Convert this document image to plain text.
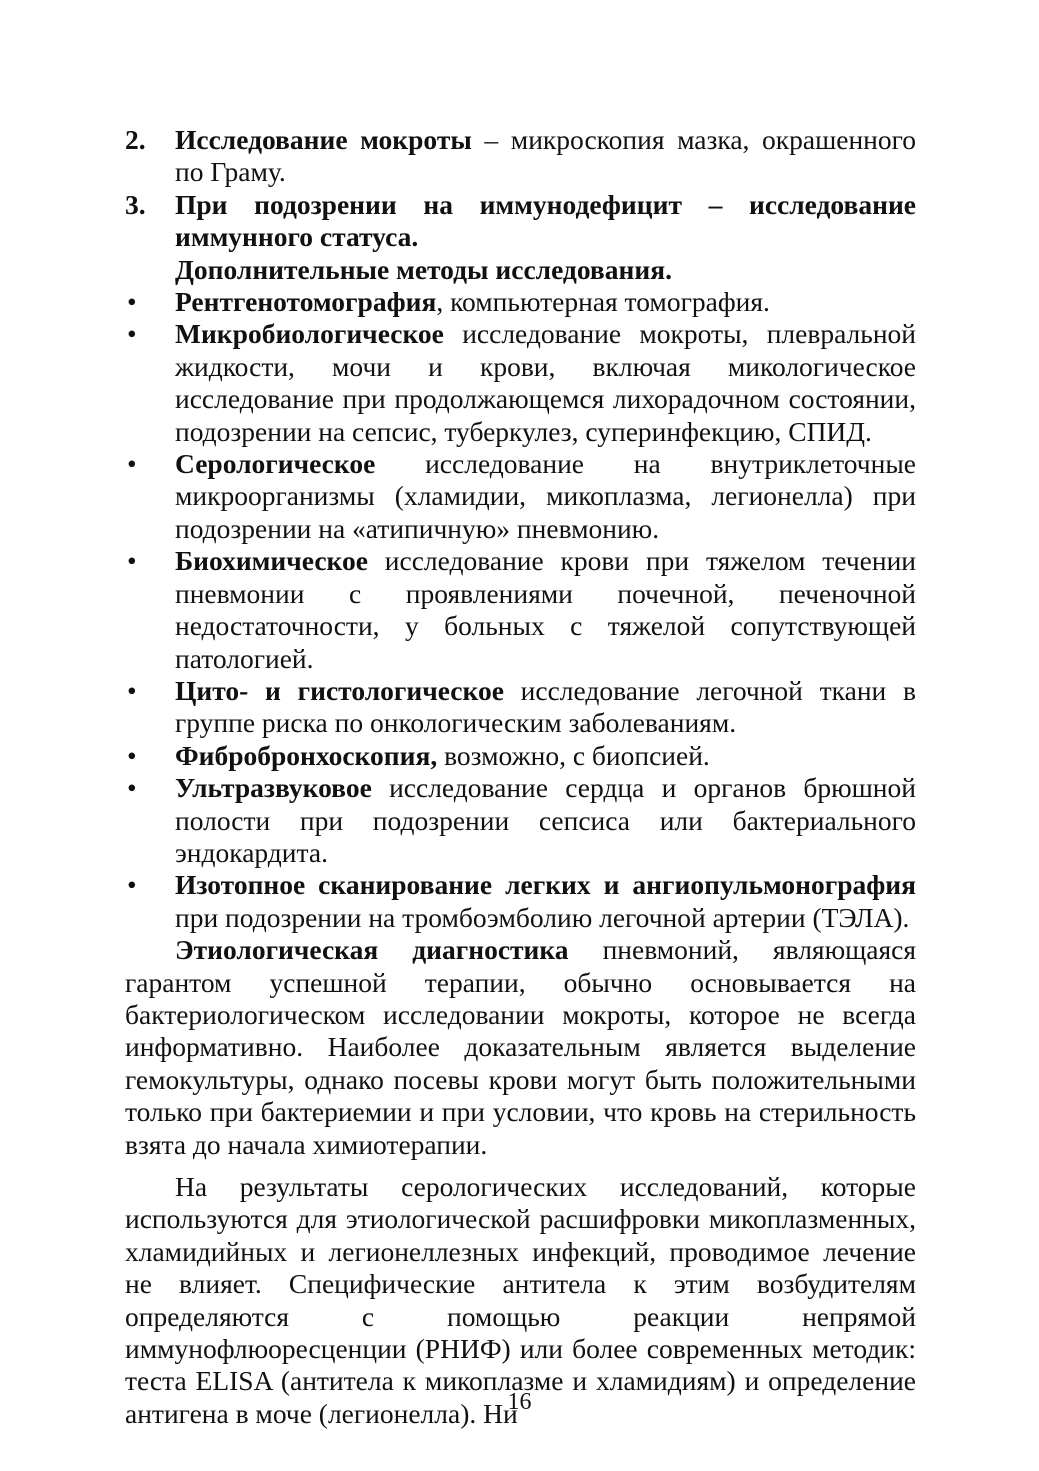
2. Исследование мокроты – микроскопия мазка, окрашенного по Граму.
3. При подозрении на иммунодефицит – исследование иммунного статуса.
Дополнительные методы исследования.
• Рентгенотомография, компьютерная томография.
• Микробиологическое исследование мокроты, плевральной жидкости, мочи и крови, включая микологическое исследование при продолжающемся лихорадочном состоянии, подозрении на сепсис, туберкулез, суперинфекцию, СПИД.
• Серологическое исследование на внутриклеточные микроорганизмы (хламидии, микоплазма, легионелла) при подозрении на «атипичную» пневмонию.
• Биохимическое исследование крови при тяжелом течении пневмонии с проявлениями почечной, печеночной недостаточности, у больных с тяжелой сопутствующей патологией.
• Цито- и гистологическое исследование легочной ткани в группе риска по онкологическим заболеваниям.
• Фибробронхоскопия, возможно, с биопсией.
• Ультразвуковое исследование сердца и органов брюшной полости при подозрении сепсиса или бактериального эндокардита.
• Изотопное сканирование легких и ангиопульмонография при подозрении на тромбоэмболию легочной артерии (ТЭЛА).

Этиологическая диагностика пневмоний, являющаяся гарантом успешной терапии, обычно основывается на бактериологическом исследовании мокроты, которое не всегда информативно. Наиболее доказательным является выделение гемокультуры, однако посевы крови могут быть положительными только при бактериемии и при условии, что кровь на стерильность взята до начала химиотерапии.

На результаты серологических исследований, которые используются для этиологической расшифровки микоплазменных, хламидийных и легионеллезных инфекций, проводимое лечение не влияет. Специфические антитела к этим возбудителям определяются с помощью реакции непрямой иммунофлюоресценции (РНИФ) или более современных методик: теста ELISA (антитела к микоплазме и хламидиям) и определение антигена в моче (легионелла). Ни

16
